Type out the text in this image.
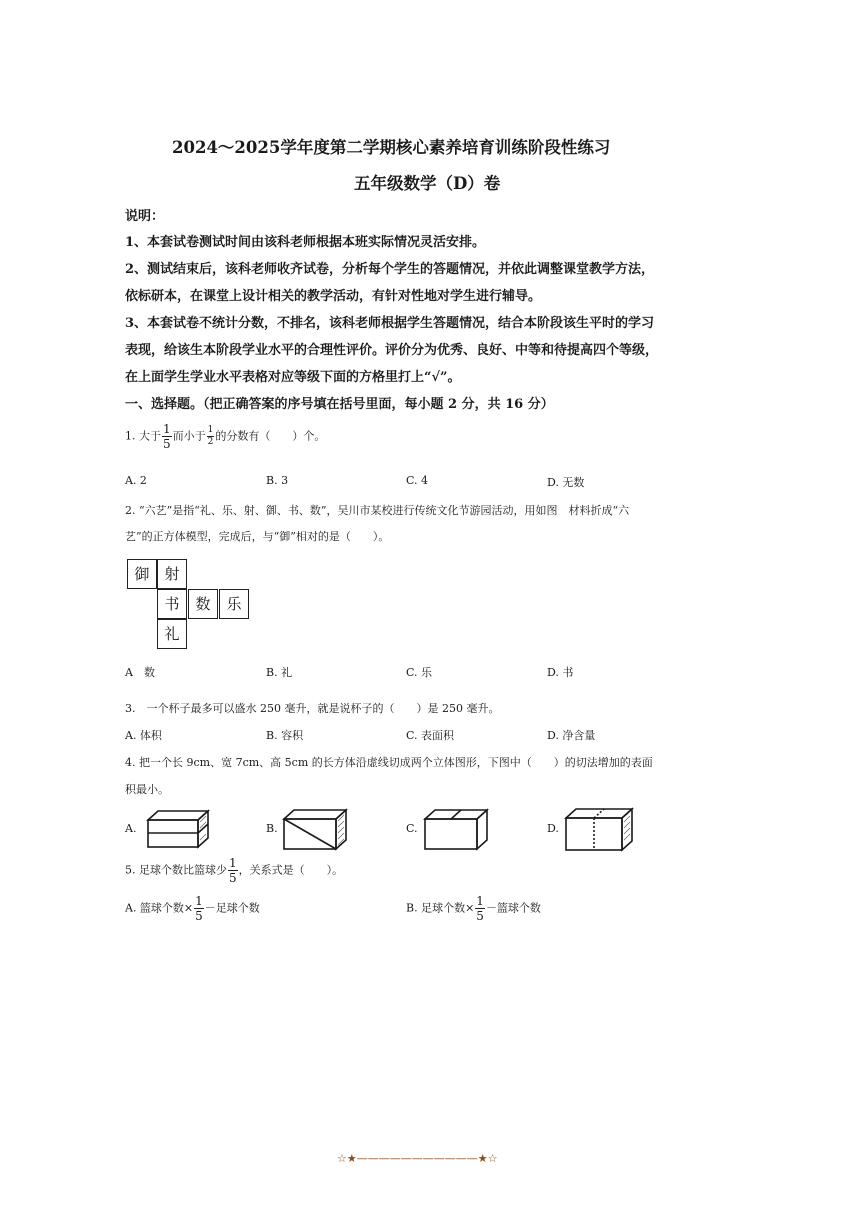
2024～2025学年度第二学期核心素养培育训练阶段性练习
五年级数学（D）卷
说明：
1、本套试卷测试时间由该科老师根据本班实际情况灵活安排。
2、测试结束后，该科老师收齐试卷，分析每个学生的答题情况，并依此调整课堂教学方法，
依标研本，在课堂上设计相关的教学活动，有针对性地对学生进行辅导。
3、本套试卷不统计分数，不排名，该科老师根据学生答题情况，结合本阶段该生平时的学习
表现，给该生本阶段学业水平的合理性评价。评价分为优秀、良好、中等和待提高四个等级，
在上面学生学业水平表格对应等级下面的方格里打上“√”。
一、选择题。（把正确答案的序号填在括号里面，每小题 2 分，共 16 分）
1. 大于 $\frac{1}{5}$ 而小于 $\frac{1}{2}$ 的分数有（　　）个。
A. 2	B. 3	C. 4	D. 无数
2. “六艺”是指“礼、乐、射、御、书、数”，吴川市某校进行传统文化节游园活动，用如图　材料折成“六
艺”的正方体模型，完成后，与“御”相对的是（　　）。
御 射
书	数	乐
礼
A　数	B. 礼	C. 乐	D. 书
3.　一个杯子最多可以盛水 250 毫升，就是说杯子的（　　）是 250 毫升。
A. 体积	B. 容积	C. 表面积	D. 净含量
4. 把一个长 9cm、宽 7cm、高 5cm 的长方体沿虚线切成两个立体图形，下图中（　　）的切法增加的表面
积最小。
A.	B.	C.	D.
5. 足球个数比篮球少 $\frac{1}{5}$ ，关系式是（　　）。
A. 篮球个数× $\frac{1}{5}$ －足球个数	B. 足球个数× $\frac{1}{5}$ －篮球个数
☆★———————————★☆
